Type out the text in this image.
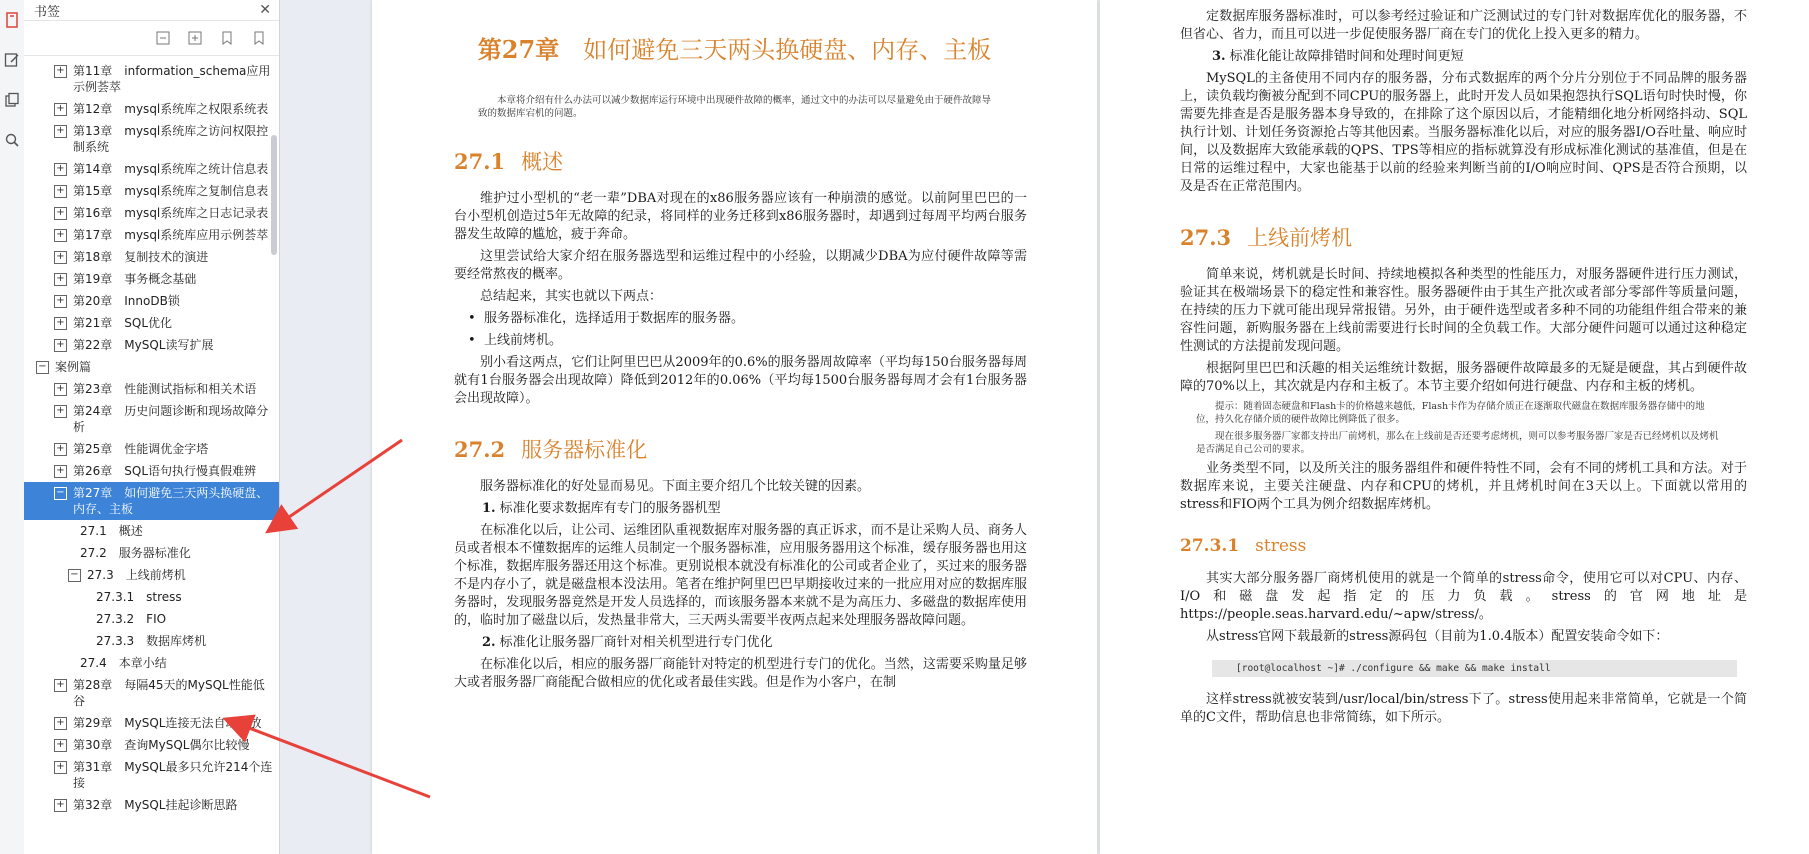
书签	✕
+ 第11章　information_schema应用示例荟萃
+ 第12章　mysql系统库之权限系统表
+ 第13章　mysql系统库之访问权限控制系统
+ 第14章　mysql系统库之统计信息表
+ 第15章　mysql系统库之复制信息表
+ 第16章　mysql系统库之日志记录表
+ 第17章　mysql系统库应用示例荟萃
+ 第18章　复制技术的演进
+ 第19章　事务概念基础
+ 第20章　InnoDB锁
+ 第21章　SQL优化
+ 第22章　MySQL读写扩展
− 案例篇
+ 第23章　性能测试指标和相关术语
+ 第24章　历史问题诊断和现场故障分析
+ 第25章　性能调优金字塔
+ 第26章　SQL语句执行慢真假难辨
− 第27章　如何避免三天两头换硬盘、内存、主板
27.1　概述
27.2　服务器标准化
− 27.3　上线前烤机
27.3.1　stress
27.3.2　FIO
27.3.3　数据库烤机
27.4　本章小结
+ 第28章　每隔45天的MySQL性能低谷
+ 第29章　MySQL连接无法自动释放
+ 第30章　查询MySQL偶尔比较慢
+ 第31章　MySQL最多只允许214个连接
+ 第32章　MySQL挂起诊断思路
第27章　 如何避免三天两头换硬盘、内存、主板
本章将介绍有什么办法可以减少数据库运行环境中出现硬件故障的概率，通过文中的办法可以尽量避免由于硬件故障导致的数据库宕机的问题。
27.1 概述
维护过小型机的“老一辈”DBA对现在的x86服务器应该有一种崩溃的感觉。以前阿里巴巴的一台小型机创造过5年无故障的纪录，将同样的业务迁移到x86服务器时，却遇到过每周平均两台服务器发生故障的尴尬，疲于奔命。
这里尝试给大家介绍在服务器选型和运维过程中的小经验，以期减少DBA为应付硬件故障等需要经常熬夜的概率。
总结起来，其实也就以下两点：
• 服务器标准化，选择适用于数据库的服务器。
• 上线前烤机。
别小看这两点，它们让阿里巴巴从2009年的0.6%的服务器周故障率（平均每150台服务器每周就有1台服务器会出现故障）降低到2012年的0.06%（平均每1500台服务器每周才会有1台服务器会出现故障）。
27.2 服务器标准化
服务器标准化的好处显而易见。下面主要介绍几个比较关键的因素。
1. 标准化要求数据库有专门的服务器机型
在标准化以后，让公司、运维团队重视数据库对服务器的真正诉求，而不是让采购人员、商务人员或者根本不懂数据库的运维人员制定一个服务器标准，应用服务器用这个标准，缓存服务器也用这个标准，数据库服务器还用这个标准。更别说根本就没有标准化的公司或者企业了，买过来的服务器不是内存小了，就是磁盘根本没法用。笔者在维护阿里巴巴早期接收过来的一批应用对应的数据库服务器时，发现服务器竟然是开发人员选择的，而该服务器本来就不是为高压力、多磁盘的数据库使用的，临时加了磁盘以后，发热量非常大，三天两头需要半夜两点起来处理服务器故障问题。
2. 标准化让服务器厂商针对相关机型进行专门优化
在标准化以后，相应的服务器厂商能针对特定的机型进行专门的优化。当然，这需要采购量足够大或者服务器厂商能配合做相应的优化或者最佳实践。但是作为小客户，在制
定数据库服务器标准时，可以参考经过验证和广泛测试过的专门针对数据库优化的服务器，不但省心、省力，而且可以进一步促使服务器厂商在专门的优化上投入更多的精力。
3. 标准化能让故障排错时间和处理时间更短
MySQL的主备使用不同内存的服务器，分布式数据库的两个分片分别位于不同品牌的服务器上，读负载均衡被分配到不同CPU的服务器上，此时开发人员如果抱怨执行SQL语句时快时慢，你需要先排查是否是服务器本身导致的，在排除了这个原因以后，才能精细化地分析网络抖动、SQL执行计划、计划任务资源抢占等其他因素。当服务器标准化以后，对应的服务器I/O吞吐量、响应时间，以及数据库大致能承载的QPS、TPS等相应的指标就算没有形成标准化测试的基准值，但是在日常的运维过程中，大家也能基于以前的经验来判断当前的I/O响应时间、QPS是否符合预期，以及是否在正常范围内。
27.3 上线前烤机
简单来说，烤机就是长时间、持续地模拟各种类型的性能压力，对服务器硬件进行压力测试，验证其在极端场景下的稳定性和兼容性。服务器硬件由于其生产批次或者部分零部件等质量问题，在持续的压力下就可能出现异常报错。另外，由于硬件选型或者多种不同的功能组件组合带来的兼容性问题，新购服务器在上线前需要进行长时间的全负载工作。大部分硬件问题可以通过这种稳定性测试的方法提前发现问题。
根据阿里巴巴和沃趣的相关运维统计数据，服务器硬件故障最多的无疑是硬盘，其占到硬件故障的70%以上，其次就是内存和主板了。本节主要介绍如何进行硬盘、内存和主板的烤机。
提示：随着固态硬盘和Flash卡的价格越来越低，Flash卡作为存储介质正在逐渐取代磁盘在数据库服务器存储中的地位，持久化存储介质的硬件故障比例降低了很多。
现在很多服务器厂家都支持出厂前烤机，那么在上线前是否还要考虑烤机，则可以参考服务器厂家是否已经烤机以及烤机是否满足自己公司的要求。
业务类型不同，以及所关注的服务器组件和硬件特性不同，会有不同的烤机工具和方法。对于数据库来说，主要关注硬盘、内存和CPU的烤机，并且烤机时间在3天以上。下面就以常用的stress和FIO两个工具为例介绍数据库烤机。
27.3.1 stress
其实大部分服务器厂商烤机使用的就是一个简单的stress命令，使用它可以对CPU、内存、I/O和磁盘发起指定的压力负载。stress的官网地址是https://people.seas.harvard.edu/~apw/stress/。
从stress官网下载最新的stress源码包（目前为1.0.4版本）配置安装命令如下：
[root@localhost ~]# ./configure && make && make install
这样stress就被安装到/usr/local/bin/stress下了。stress使用起来非常简单，它就是一个简单的C文件，帮助信息也非常简练，如下所示。
